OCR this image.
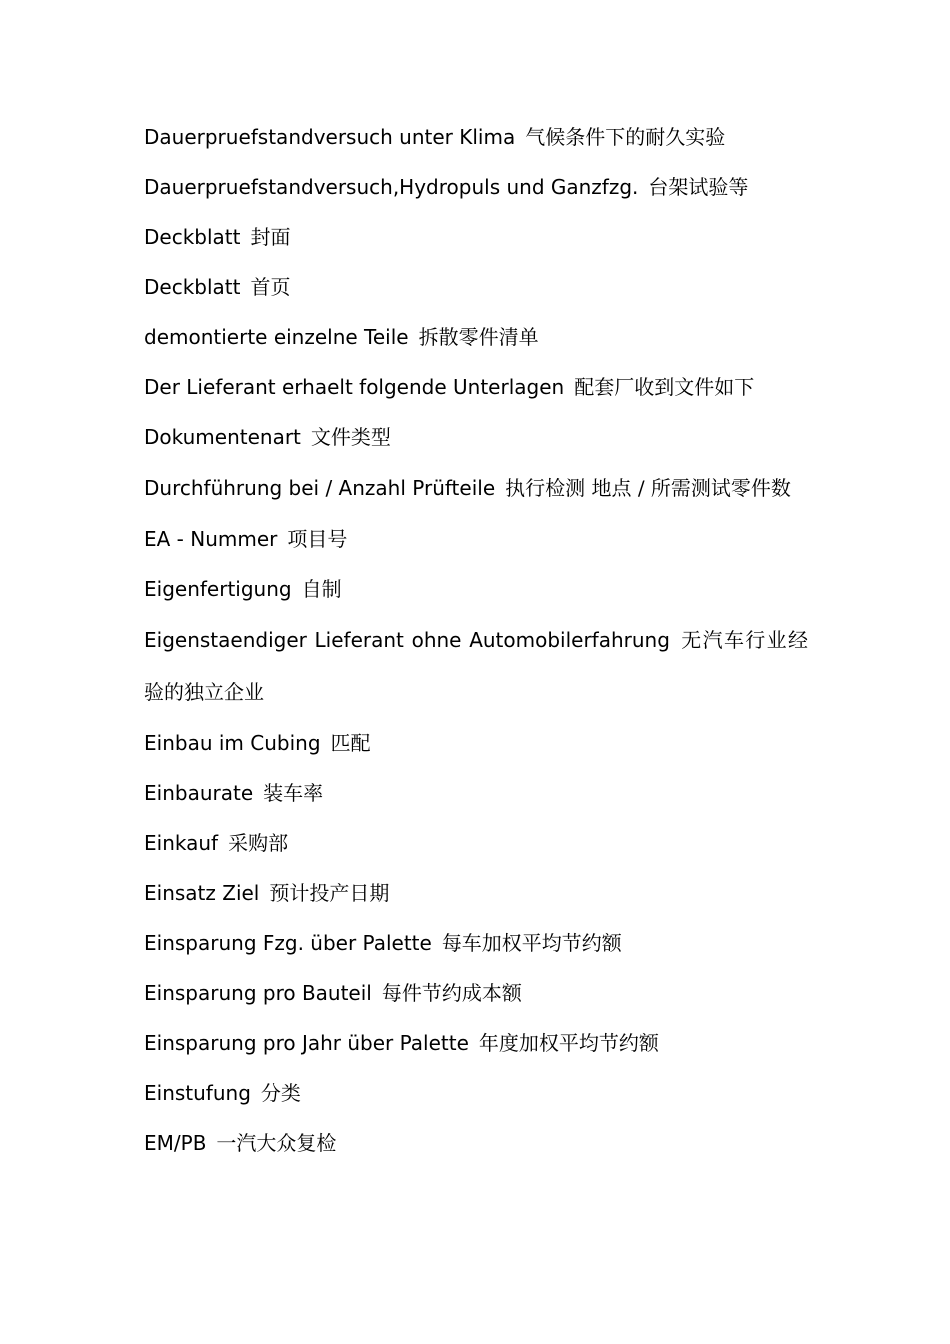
Dauerpruefstandversuch unter Klima 气候条件下的耐久实验
Dauerpruefstandversuch,Hydropuls und Ganzfzg. 台架试验等
Deckblatt 封面
Deckblatt 首页
demontierte einzelne Teile 拆散零件清单
Der Lieferant erhaelt folgende Unterlagen 配套厂收到文件如下
Dokumentenart 文件类型
Durchführung bei / Anzahl Prüfteile 执行检测 地点 / 所需测试零件数
EA - Nummer 项目号
Eigenfertigung 自制
Eigenstaendiger Lieferant ohne Automobilerfahrung 无汽车行业经验的独立企业
Einbau im Cubing 匹配
Einbaurate 装车率
Einkauf 采购部
Einsatz Ziel 预计投产日期
Einsparung Fzg. über Palette 每车加权平均节约额
Einsparung pro Bauteil 每件节约成本额
Einsparung pro Jahr über Palette 年度加权平均节约额
Einstufung 分类
EM/PB 一汽大众复检
